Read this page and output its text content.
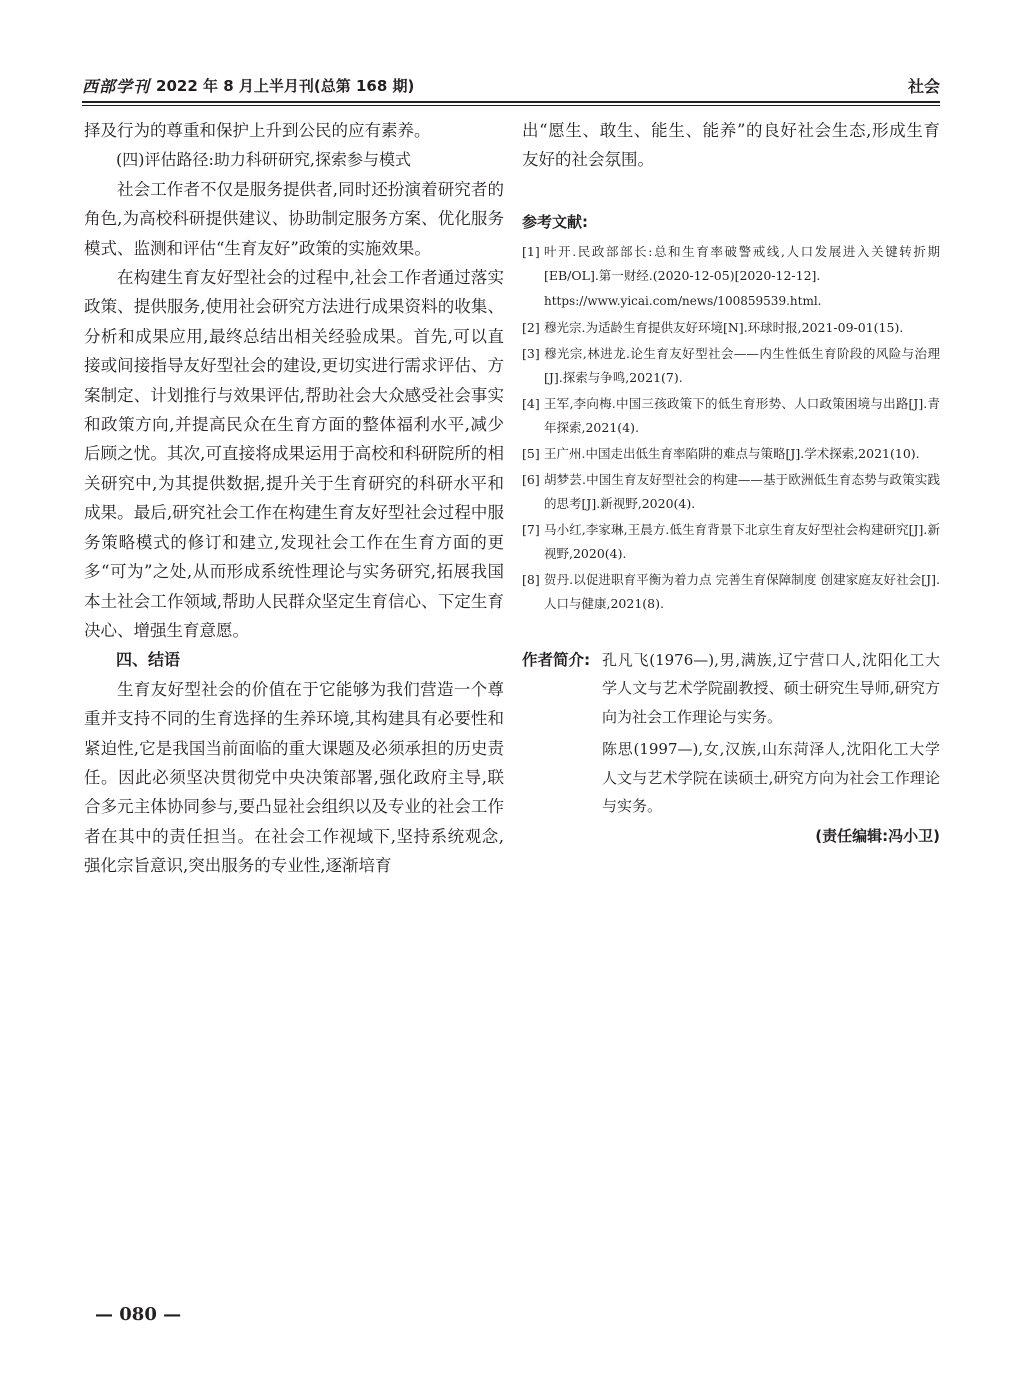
西部学刊 2022 年 8 月上半月刊(总第 168 期)	社会

择及行为的尊重和保护上升到公民的应有素养。

(四)评估路径:助力科研研究,探索参与模式

社会工作者不仅是服务提供者,同时还扮演着研究者的角色,为高校科研提供建议、协助制定服务方案、优化服务模式、监测和评估“生育友好”政策的实施效果。

在构建生育友好型社会的过程中,社会工作者通过落实政策、提供服务,使用社会研究方法进行成果资料的收集、分析和成果应用,最终总结出相关经验成果。首先,可以直接或间接指导友好型社会的建设,更切实进行需求评估、方案制定、计划推行与效果评估,帮助社会大众感受社会事实和政策方向,并提高民众在生育方面的整体福利水平,减少后顾之忧。其次,可直接将成果运用于高校和科研院所的相关研究中,为其提供数据,提升关于生育研究的科研水平和成果。最后,研究社会工作在构建生育友好型社会过程中服务策略模式的修订和建立,发现社会工作在生育方面的更多“可为”之处,从而形成系统性理论与实务研究,拓展我国本土社会工作领域,帮助人民群众坚定生育信心、下定生育决心、增强生育意愿。

四、结语

生育友好型社会的价值在于它能够为我们营造一个尊重并支持不同的生育选择的生养环境,其构建具有必要性和紧迫性,它是我国当前面临的重大课题及必须承担的历史责任。因此必须坚决贯彻党中央决策部署,强化政府主导,联合多元主体协同参与,要凸显社会组织以及专业的社会工作者在其中的责任担当。在社会工作视域下,坚持系统观念,强化宗旨意识,突出服务的专业性,逐渐培育

出“愿生、敢生、能生、能养”的良好社会生态,形成生育友好的社会氛围。

参考文献:
[1] 叶开.民政部部长:总和生育率破警戒线,人口发展进入关键转折期[EB/OL].第一财经.(2020-12-05)[2020-12-12].
https://www.yicai.com/news/100859539.html.
[2] 穆光宗.为适龄生育提供友好环境[N].环球时报,2021-09-01(15).
[3] 穆光宗,林进龙.论生育友好型社会——内生性低生育阶段的风险与治理[J].探索与争鸣,2021(7).
[4] 王军,李向梅.中国三孩政策下的低生育形势、人口政策困境与出路[J].青年探索,2021(4).
[5] 王广州.中国走出低生育率陷阱的难点与策略[J].学术探索,2021(10).
[6] 胡梦芸.中国生育友好型社会的构建——基于欧洲低生育态势与政策实践的思考[J].新视野,2020(4).
[7] 马小红,李家琳,王晨方.低生育背景下北京生育友好型社会构建研究[J].新视野,2020(4).
[8] 贺丹.以促进职育平衡为着力点 完善生育保障制度 创建家庭友好社会[J].人口与健康,2021(8).
作者简介: 孔凡飞(1976—),男,满族,辽宁营口人,沈阳化工大学人文与艺术学院副教授、硕士研究生导师,研究方向为社会工作理论与实务。

陈思(1997—),女,汉族,山东菏泽人,沈阳化工大学人文与艺术学院在读硕士,研究方向为社会工作理论与实务。

(责任编辑:冯小卫)
— 080 —
